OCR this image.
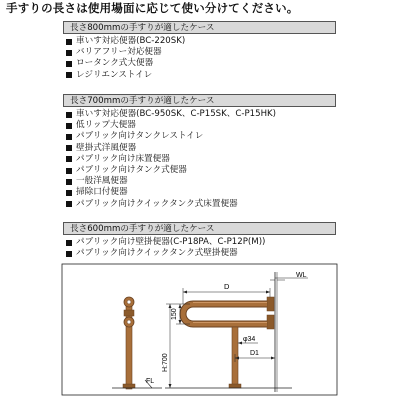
手すりの長さは使用場面に応じて使い分けてください。
長さ800mmの手すりが適したケース
車いす対応便器(BC-220SK)
バリアフリー対応便器
ロータンク式大便器
レジリエンストイレ
長さ700mmの手すりが適したケース
車いす対応便器(BC-950SK、C-P15SK、C-P15HK)
低リップ大便器
パブリック向けタンクレストイレ
壁掛式洋風便器
パブリック向け床置便器
パブリック向けタンク式便器
一般洋風便器
掃除口付便器
パブリック向けクイックタンク式床置便器
長さ600mmの手すりが適したケース
パブリック向け壁掛便器(C-P18PA、C-P12P(M))
パブリック向けクイックタンク式壁掛便器
FL
WL
D
150
H:700
φ34
D1
